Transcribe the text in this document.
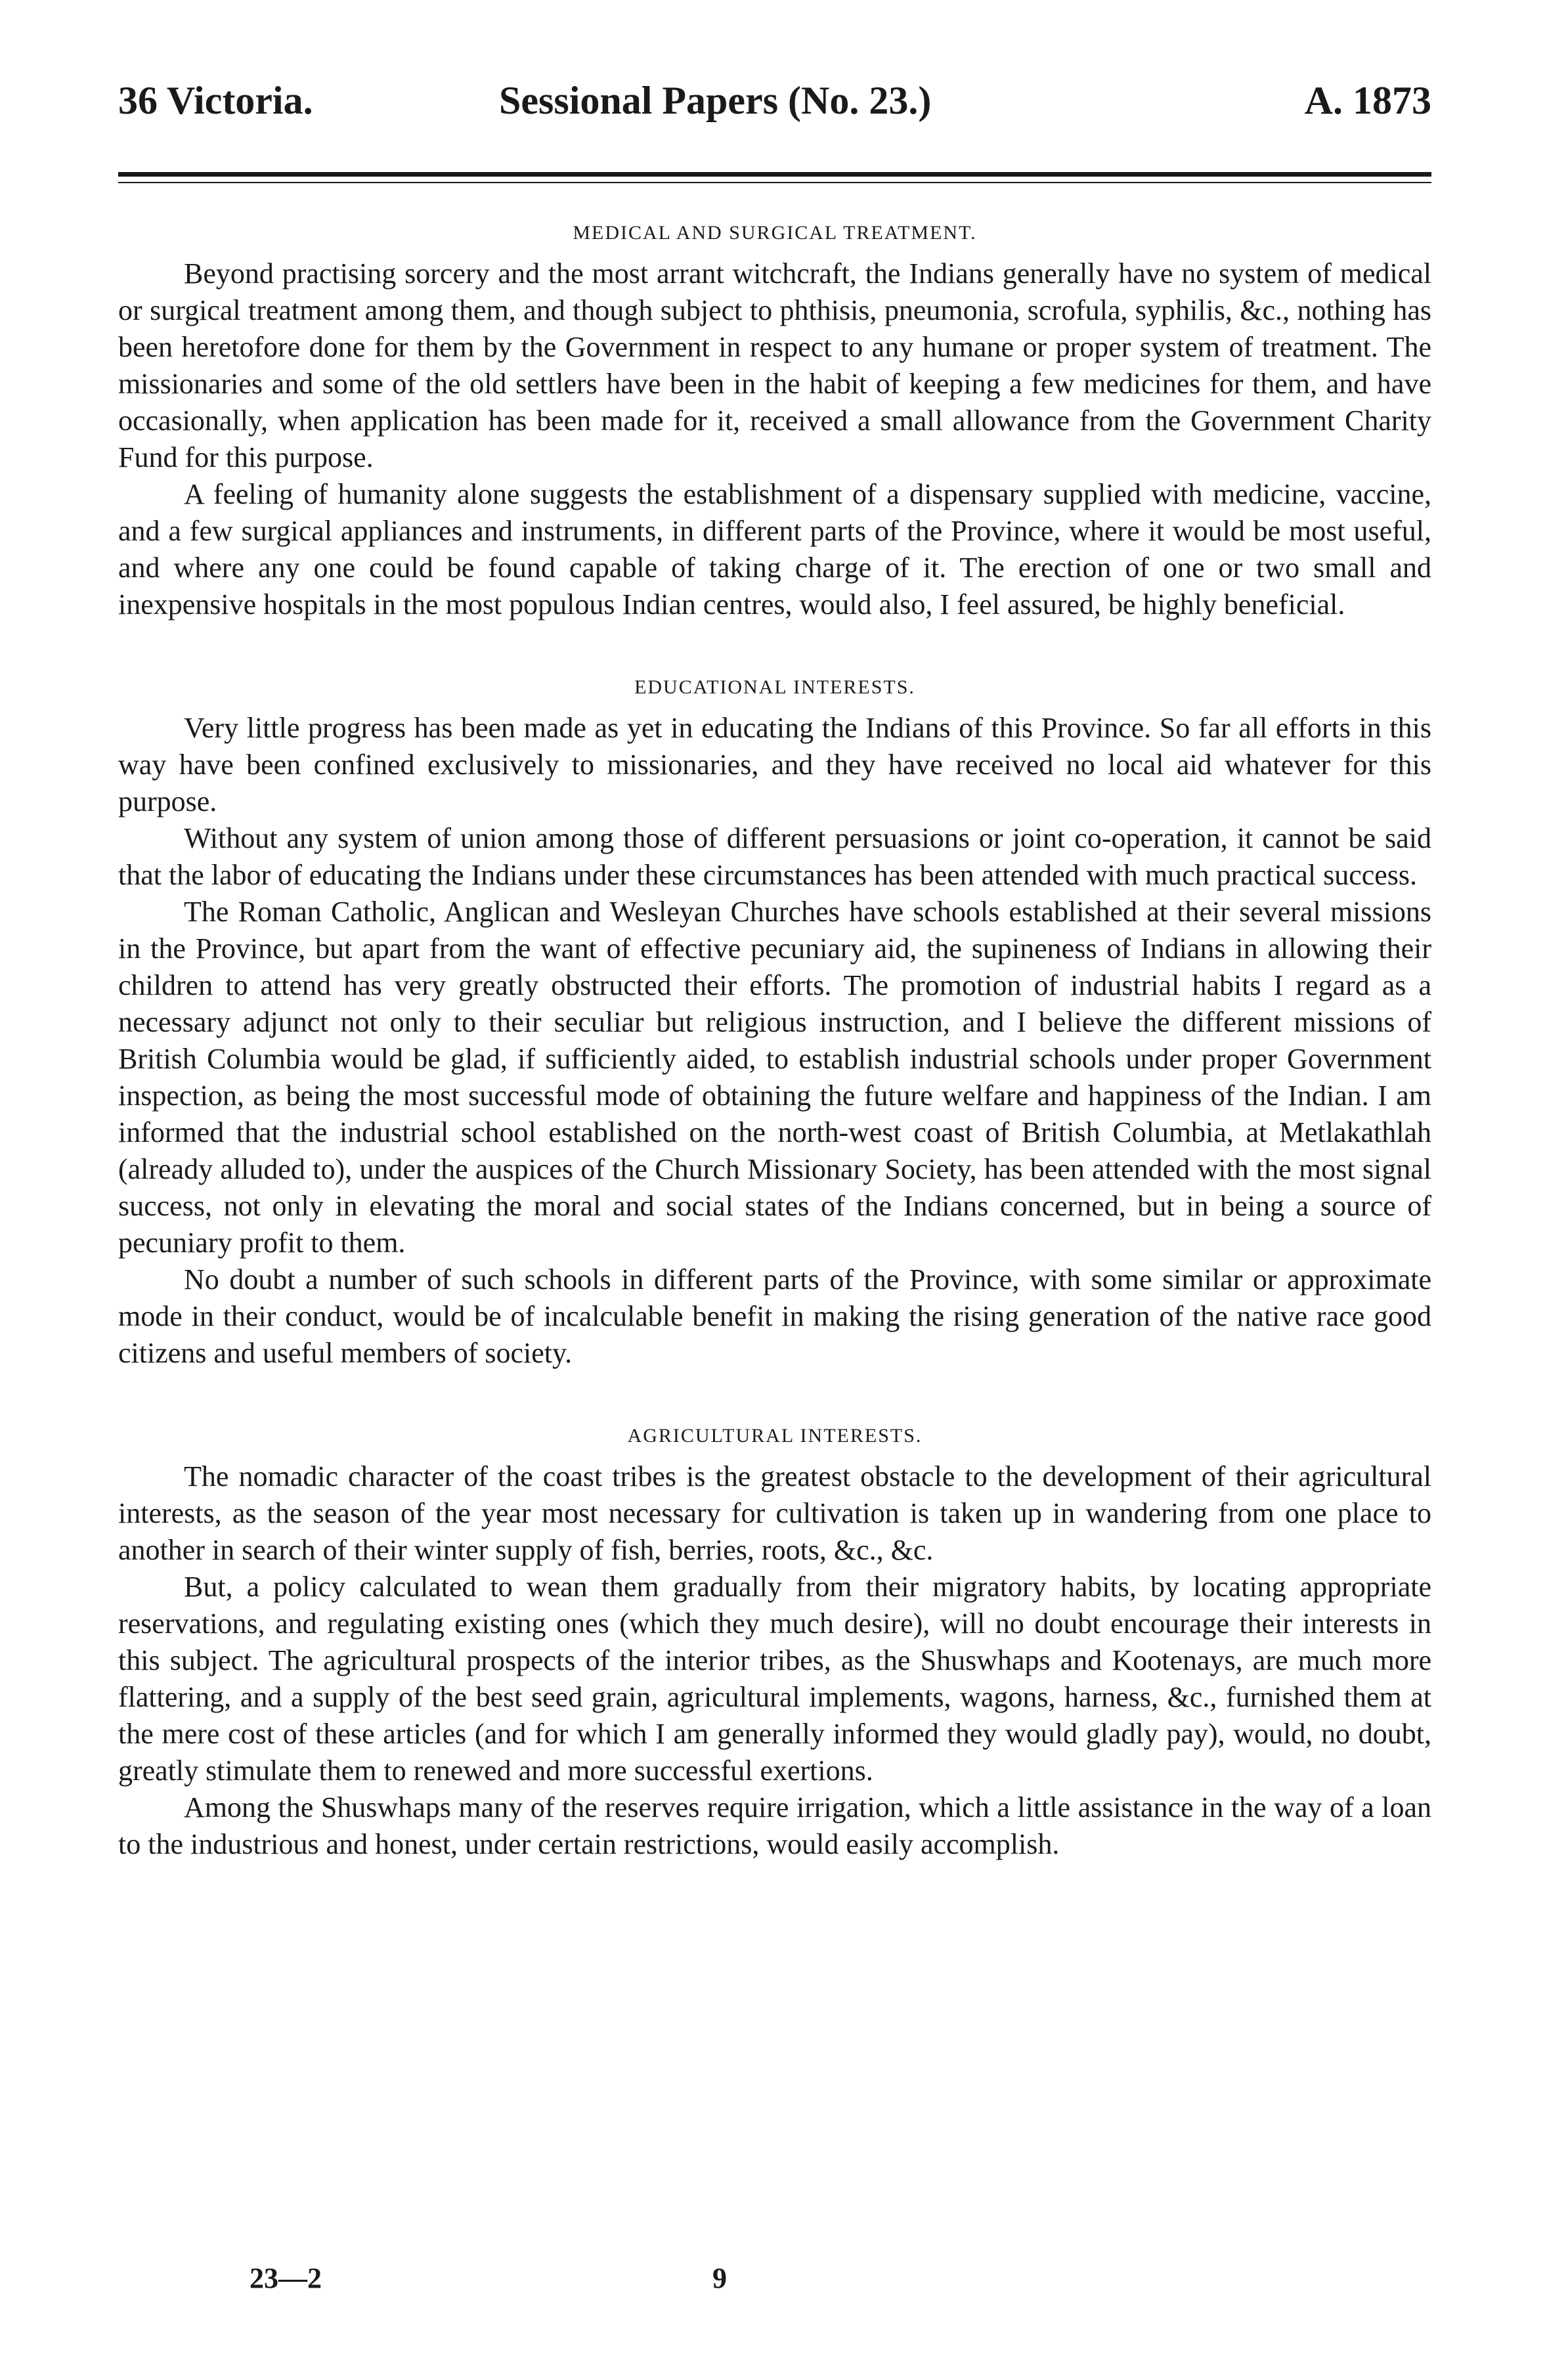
36 Victoria.	Sessional Papers (No. 23.)	A. 1873
MEDICAL AND SURGICAL TREATMENT.

Beyond practising sorcery and the most arrant witchcraft, the Indians generally have no system of medical or surgical treatment among them, and though subject to phthisis, pneumonia, scrofula, syphilis, &c., nothing has been heretofore done for them by the Government in respect to any humane or proper system of treatment. The missionaries and some of the old settlers have been in the habit of keeping a few medicines for them, and have occasionally, when application has been made for it, received a small allowance from the Government Charity Fund for this purpose.

A feeling of humanity alone suggests the establishment of a dispensary supplied with medicine, vaccine, and a few surgical appliances and instruments, in different parts of the Province, where it would be most useful, and where any one could be found capable of taking charge of it. The erection of one or two small and inexpensive hospitals in the most populous Indian centres, would also, I feel assured, be highly beneficial.

EDUCATIONAL INTERESTS.

Very little progress has been made as yet in educating the Indians of this Province. So far all efforts in this way have been confined exclusively to missionaries, and they have received no local aid whatever for this purpose.

Without any system of union among those of different persuasions or joint co-operation, it cannot be said that the labor of educating the Indians under these circumstances has been attended with much practical success.

The Roman Catholic, Anglican and Wesleyan Churches have schools established at their several missions in the Province, but apart from the want of effective pecuniary aid, the supineness of Indians in allowing their children to attend has very greatly obstructed their efforts. The promotion of industrial habits I regard as a necessary adjunct not only to their seculiar but religious instruction, and I believe the different missions of British Columbia would be glad, if sufficiently aided, to establish industrial schools under proper Government inspection, as being the most successful mode of obtaining the future welfare and happiness of the Indian. I am informed that the industrial school established on the north-west coast of British Columbia, at Metlakathlah (already alluded to), under the auspices of the Church Missionary Society, has been attended with the most signal success, not only in elevating the moral and social states of the Indians concerned, but in being a source of pecuniary profit to them.

No doubt a number of such schools in different parts of the Province, with some similar or approximate mode in their conduct, would be of incalculable benefit in making the rising generation of the native race good citizens and useful members of society.

AGRICULTURAL INTERESTS.

The nomadic character of the coast tribes is the greatest obstacle to the development of their agricultural interests, as the season of the year most necessary for cultivation is taken up in wandering from one place to another in search of their winter supply of fish, berries, roots, &c., &c.

But, a policy calculated to wean them gradually from their migratory habits, by locating appropriate reservations, and regulating existing ones (which they much desire), will no doubt encourage their interests in this subject. The agricultural prospects of the interior tribes, as the Shuswhaps and Kootenays, are much more flattering, and a supply of the best seed grain, agricultural implements, wagons, harness, &c., furnished them at the mere cost of these articles (and for which I am generally informed they would gladly pay), would, no doubt, greatly stimulate them to renewed and more successful exertions.

Among the Shuswhaps many of the reserves require irrigation, which a little assistance in the way of a loan to the industrious and honest, under certain restrictions, would easily accomplish.

23—2	9
